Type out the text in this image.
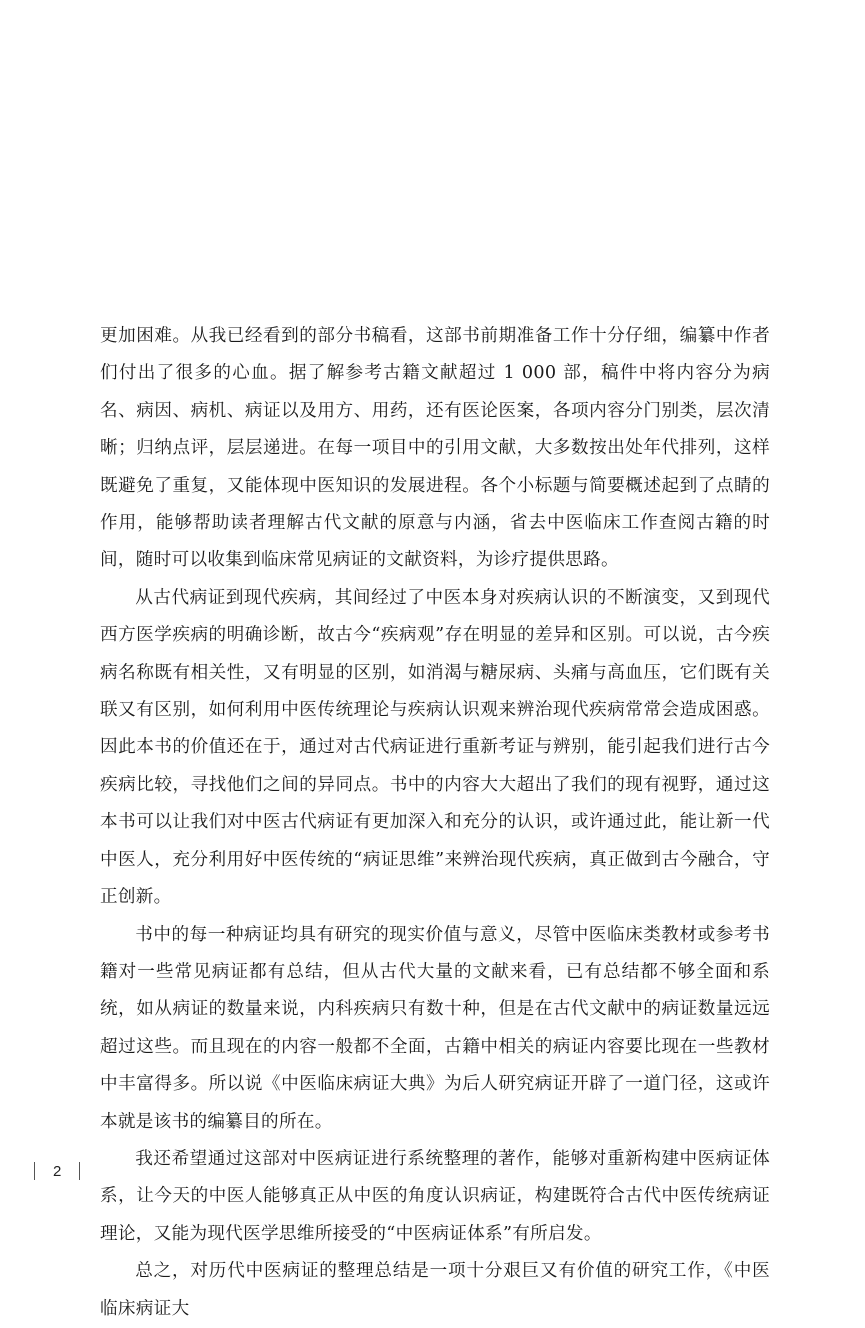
更加困难。从我已经看到的部分书稿看，这部书前期准备工作十分仔细，编纂中作者们付出了很多的心血。据了解参考古籍文献超过 1 000 部，稿件中将内容分为病名、病因、病机、病证以及用方、用药，还有医论医案，各项内容分门别类，层次清晰；归纳点评，层层递进。在每一项目中的引用文献，大多数按出处年代排列，这样既避免了重复，又能体现中医知识的发展进程。各个小标题与简要概述起到了点睛的作用，能够帮助读者理解古代文献的原意与内涵，省去中医临床工作查阅古籍的时间，随时可以收集到临床常见病证的文献资料，为诊疗提供思路。

从古代病证到现代疾病，其间经过了中医本身对疾病认识的不断演变，又到现代西方医学疾病的明确诊断，故古今“疾病观”存在明显的差异和区别。可以说，古今疾病名称既有相关性，又有明显的区别，如消渴与糖尿病、头痛与高血压，它们既有关联又有区别，如何利用中医传统理论与疾病认识观来辨治现代疾病常常会造成困惑。因此本书的价值还在于，通过对古代病证进行重新考证与辨别，能引起我们进行古今疾病比较，寻找他们之间的异同点。书中的内容大大超出了我们的现有视野，通过这本书可以让我们对中医古代病证有更加深入和充分的认识，或许通过此，能让新一代中医人，充分利用好中医传统的“病证思维”来辨治现代疾病，真正做到古今融合，守正创新。

书中的每一种病证均具有研究的现实价值与意义，尽管中医临床类教材或参考书籍对一些常见病证都有总结，但从古代大量的文献来看，已有总结都不够全面和系统，如从病证的数量来说，内科疾病只有数十种，但是在古代文献中的病证数量远远超过这些。而且现在的内容一般都不全面，古籍中相关的病证内容要比现在一些教材中丰富得多。所以说《中医临床病证大典》为后人研究病证开辟了一道门径，这或许本就是该书的编纂目的所在。

我还希望通过这部对中医病证进行系统整理的著作，能够对重新构建中医病证体系，让今天的中医人能够真正从中医的角度认识病证，构建既符合古代中医传统病证理论，又能为现代医学思维所接受的“中医病证体系”有所启发。

总之，对历代中医病证的整理总结是一项十分艰巨又有价值的研究工作，《中医临床病证大

2
